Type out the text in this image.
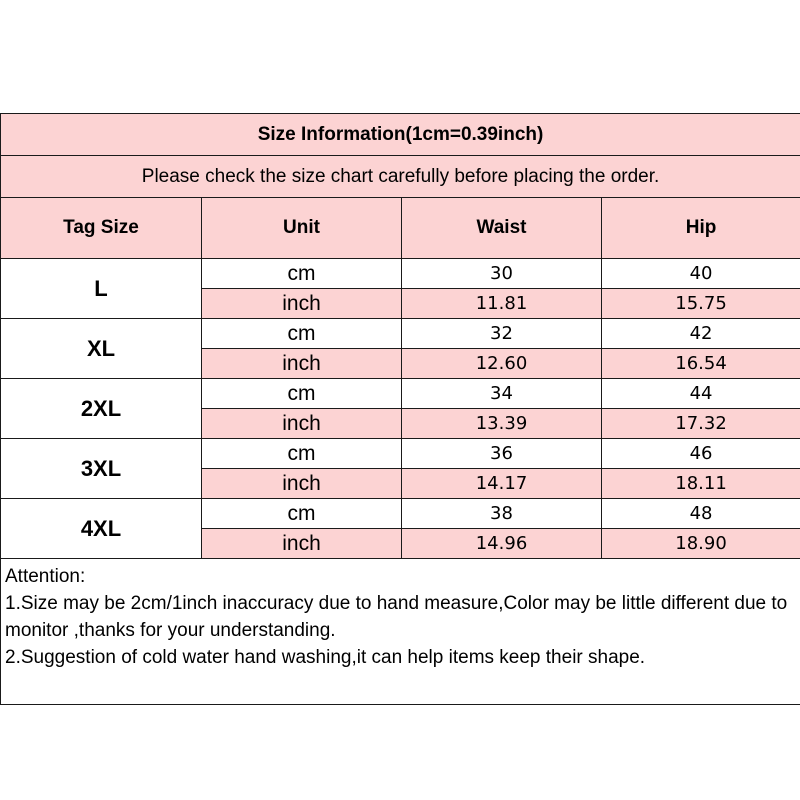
Size Information(1cm=0.39inch)			
Please check the size chart carefully before placing the order.			
Tag Size	Unit	Waist	Hip
L	cm	30	40
	inch	11.81	15.75
XL	cm	32	42
	inch	12.60	16.54
2XL	cm	34	44
	inch	13.39	17.32
3XL	cm	36	46
	inch	14.17	18.11
4XL	cm	38	48
	inch	14.96	18.90

Attention:
1.Size may be 2cm/1inch inaccuracy due to hand measure,Color may be little different due to monitor ,thanks for your understanding.
2.Suggestion of cold water hand washing,it can help items keep their shape.			
